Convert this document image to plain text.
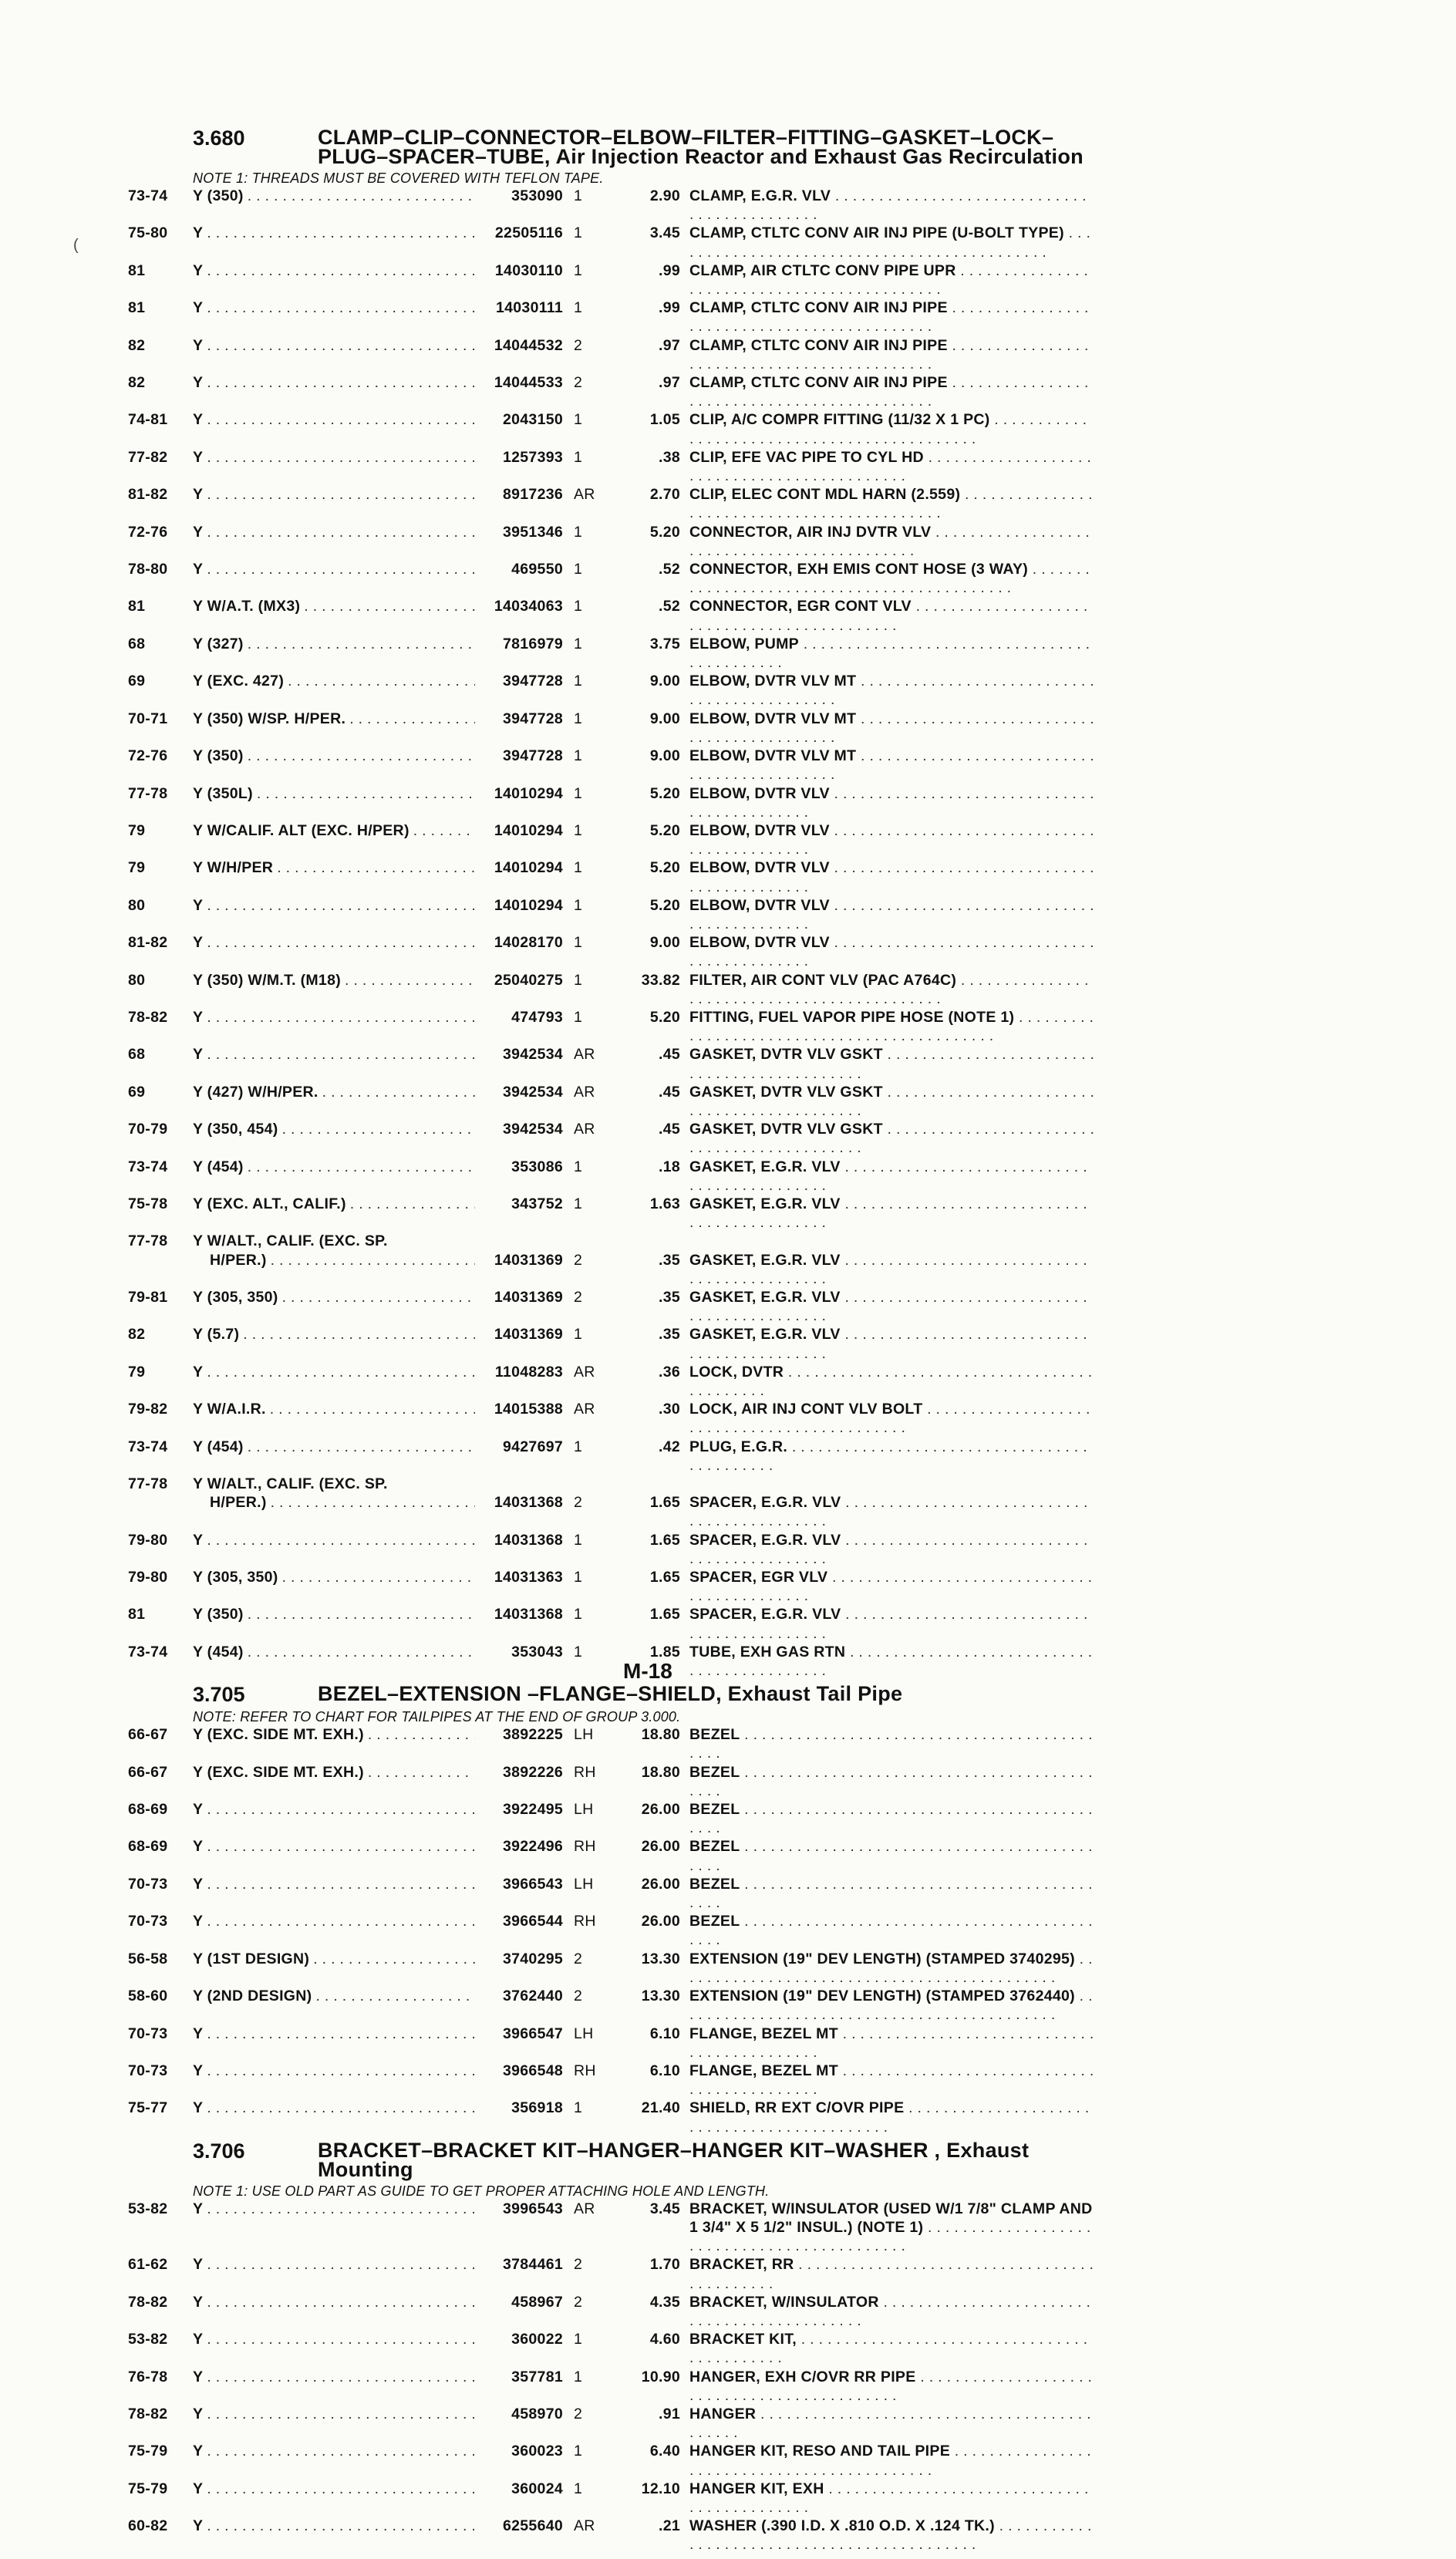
(
3.680	CLAMP–CLIP–CONNECTOR–ELBOW–FILTER–FITTING–GASKET–LOCK–PLUG–SPACER–TUBE, Air Injection Reactor and Exhaust Gas Recirculation
NOTE 1: THREADS MUST BE COVERED WITH TEFLON TAPE.
73-74	Y (350) . . .	353090 1	2.90 CLAMP, E.G.R. VLV . . .
75-80	Y . . .	22505116 1	3.45 CLAMP, CTLTC CONV AIR INJ PIPE (U-BOLT TYPE) . . .
81	Y . . .	14030110 1	.99 CLAMP, AIR CTLTC CONV PIPE UPR . . .
81	Y . . .	14030111 1	.99 CLAMP, CTLTC CONV AIR INJ PIPE . . .
82	Y . . .	14044532 2	.97 CLAMP, CTLTC CONV AIR INJ PIPE . . .
82	Y . . .	14044533 2	.97 CLAMP, CTLTC CONV AIR INJ PIPE . . .
74-81	Y . . .	2043150 1	1.05 CLIP, A/C COMPR FITTING (11/32 X 1 PC) . . .
77-82	Y . . .	1257393 1	.38 CLIP, EFE VAC PIPE TO CYL HD . . .
81-82	Y . . .	8917236 AR	2.70 CLIP, ELEC CONT MDL HARN (2.559) . . .
72-76	Y . . .	3951346 1	5.20 CONNECTOR, AIR INJ DVTR VLV . . .
78-80	Y . . .	469550 1	.52 CONNECTOR, EXH EMIS CONT HOSE (3 WAY) . . .
81	Y W/A.T. (MX3) . . .	14034063 1	.52 CONNECTOR, EGR CONT VLV . . .
68	Y (327) . . .	7816979 1	3.75 ELBOW, PUMP . . .
69	Y (EXC. 427) . . .	3947728 1	9.00 ELBOW, DVTR VLV MT . . .
70-71	Y (350) W/SP. H/PER. . . .	3947728 1	9.00 ELBOW, DVTR VLV MT . . .
72-76	Y (350) . . .	3947728 1	9.00 ELBOW, DVTR VLV MT . . .
77-78	Y (350L) . . .	14010294 1	5.20 ELBOW, DVTR VLV . . .
79	Y W/CALIF. ALT (EXC. H/PER) . . .	14010294 1	5.20 ELBOW, DVTR VLV . . .
79	Y W/H/PER . . .	14010294 1	5.20 ELBOW, DVTR VLV . . .
80	Y . . .	14010294 1	5.20 ELBOW, DVTR VLV . . .
81-82	Y . . .	14028170 1	9.00 ELBOW, DVTR VLV . . .
80	Y (350) W/M.T. (M18) . . .	25040275 1	33.82 FILTER, AIR CONT VLV (PAC A764C) . . .
78-82	Y . . .	474793 1	5.20 FITTING, FUEL VAPOR PIPE HOSE (NOTE 1) . . .
68	Y . . .	3942534 AR	.45 GASKET, DVTR VLV GSKT . . .
69	Y (427) W/H/PER. . . .	3942534 AR	.45 GASKET, DVTR VLV GSKT . . .
70-79	Y (350, 454) . . .	3942534 AR	.45 GASKET, DVTR VLV GSKT . . .
73-74	Y (454) . . .	353086 1	.18 GASKET, E.G.R. VLV . . .
75-78	Y (EXC. ALT., CALIF.) . . .	343752 1	1.63 GASKET, E.G.R. VLV . . .
77-78	Y W/ALT., CALIF. (EXC. SP.
H/PER.) . . .	14031369 2	.35 GASKET, E.G.R. VLV . . .
79-81	Y (305, 350) . . .	14031369 2	.35 GASKET, E.G.R. VLV . . .
82	Y (5.7) . . .	14031369 1	.35 GASKET, E.G.R. VLV . . .
79	Y . . .	11048283 AR	.36 LOCK, DVTR . . .
79-82	Y W/A.I.R. . . .	14015388 AR	.30 LOCK, AIR INJ CONT VLV BOLT . . .
73-74	Y (454) . . .	9427697 1	.42 PLUG, E.G.R. . . .
77-78	Y W/ALT., CALIF. (EXC. SP.
H/PER.) . . .	14031368 2	1.65 SPACER, E.G.R. VLV . . .
79-80	Y . . .	14031368 1	1.65 SPACER, E.G.R. VLV . . .
79-80	Y (305, 350) . . .	14031363 1	1.65 SPACER, EGR VLV . . .
81	Y (350) . . .	14031368 1	1.65 SPACER, E.G.R. VLV . . .
73-74	Y (454) . . .	353043 1	1.85 TUBE, EXH GAS RTN . . .
3.705	BEZEL–EXTENSION –FLANGE–SHIELD, Exhaust Tail Pipe
NOTE: REFER TO CHART FOR TAILPIPES AT THE END OF GROUP 3.000.
66-67	Y (EXC. SIDE MT. EXH.) . . .	3892225 LH	18.80 BEZEL . . .
66-67	Y (EXC. SIDE MT. EXH.) . . .	3892226 RH	18.80 BEZEL . . .
68-69	Y . . .	3922495 LH	26.00 BEZEL . . .
68-69	Y . . .	3922496 RH	26.00 BEZEL . . .
70-73	Y . . .	3966543 LH	26.00 BEZEL . . .
70-73	Y . . .	3966544 RH	26.00 BEZEL . . .
56-58	Y (1ST DESIGN) . . .	3740295 2	13.30 EXTENSION (19" DEV LENGTH) (STAMPED 3740295) . . .
58-60	Y (2ND DESIGN) . . .	3762440 2	13.30 EXTENSION (19" DEV LENGTH) (STAMPED 3762440) . . .
70-73	Y . . .	3966547 LH	6.10 FLANGE, BEZEL MT . . .
70-73	Y . . .	3966548 RH	6.10 FLANGE, BEZEL MT . . .
75-77	Y . . .	356918 1	21.40 SHIELD, RR EXT C/OVR PIPE . . .
3.706	BRACKET–BRACKET KIT–HANGER–HANGER KIT–WASHER , Exhaust Mounting
NOTE 1: USE OLD PART AS GUIDE TO GET PROPER ATTACHING HOLE AND LENGTH.
53-82	Y . . .	3996543 AR	3.45 BRACKET, W/INSULATOR (USED W/1 7/8" CLAMP AND 1 3/4" X 5 1/2" INSUL.) (NOTE 1) . . .
61-62	Y . . .	3784461 2	1.70 BRACKET, RR . . .
78-82	Y . . .	458967 2	4.35 BRACKET, W/INSULATOR . . .
53-82	Y . . .	360022 1	4.60 BRACKET KIT, . . .
76-78	Y . . .	357781 1	10.90 HANGER, EXH C/OVR RR PIPE . . .
78-82	Y . . .	458970 2	.91 HANGER . . .
75-79	Y . . .	360023 1	6.40 HANGER KIT, RESO AND TAIL PIPE . . .
75-79	Y . . .	360024 1	12.10 HANGER KIT, EXH . . .
60-82	Y . . .	6255640 AR	.21 WASHER (.390 I.D. X .810 O.D. X .124 TK.) . . .
M-18
